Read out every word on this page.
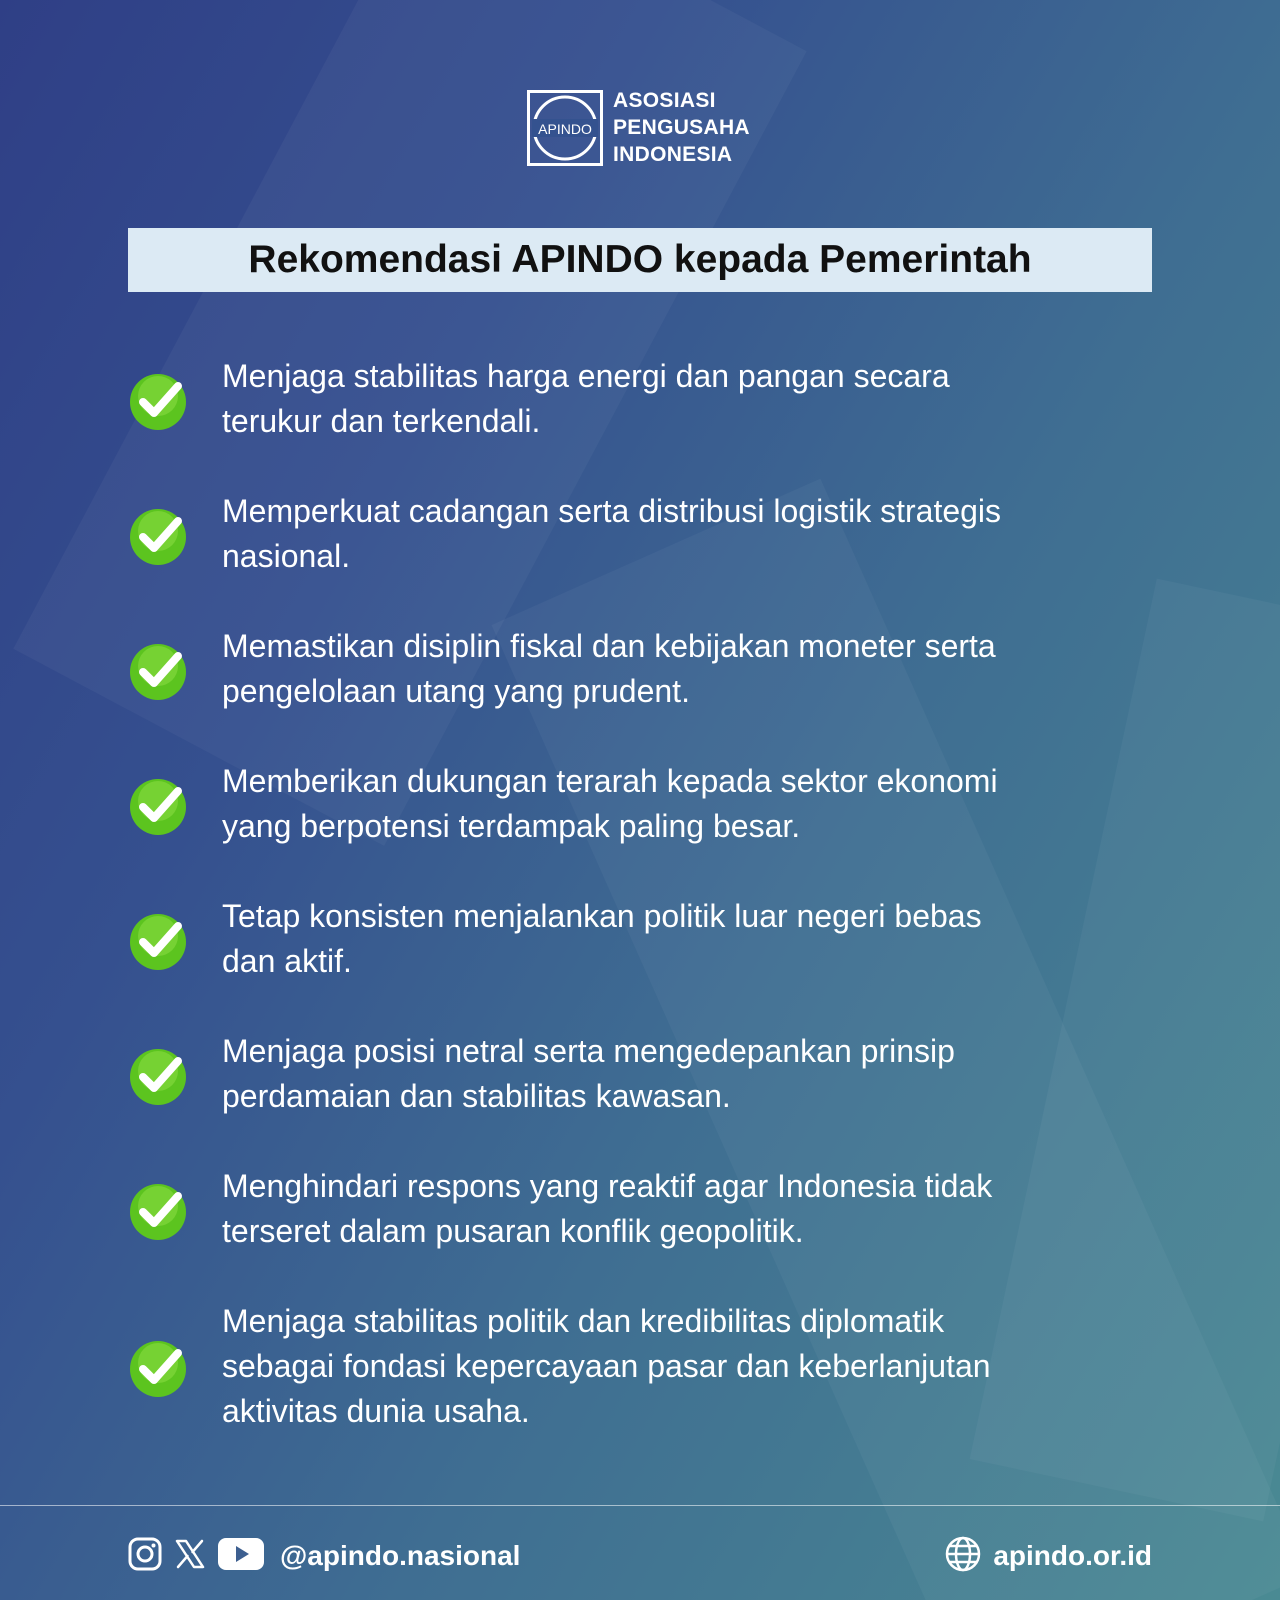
APINDO
ASOSIASI
PENGUSAHA
INDONESIA
Rekomendasi APINDO kepada Pemerintah
Menjaga stabilitas harga energi dan pangan secara
terukur dan terkendali.
Memperkuat cadangan serta distribusi logistik strategis
nasional.
Memastikan disiplin fiskal dan kebijakan moneter serta
pengelolaan utang yang prudent.
Memberikan dukungan terarah kepada sektor ekonomi
yang berpotensi terdampak paling besar.
Tetap konsisten menjalankan politik luar negeri bebas
dan aktif.
Menjaga posisi netral serta mengedepankan prinsip
perdamaian dan stabilitas kawasan.
Menghindari respons yang reaktif agar Indonesia tidak
terseret dalam pusaran konflik geopolitik.
Menjaga stabilitas politik dan kredibilitas diplomatik
sebagai fondasi kepercayaan pasar dan keberlanjutan
aktivitas dunia usaha.
@apindo.nasional	apindo.or.id
